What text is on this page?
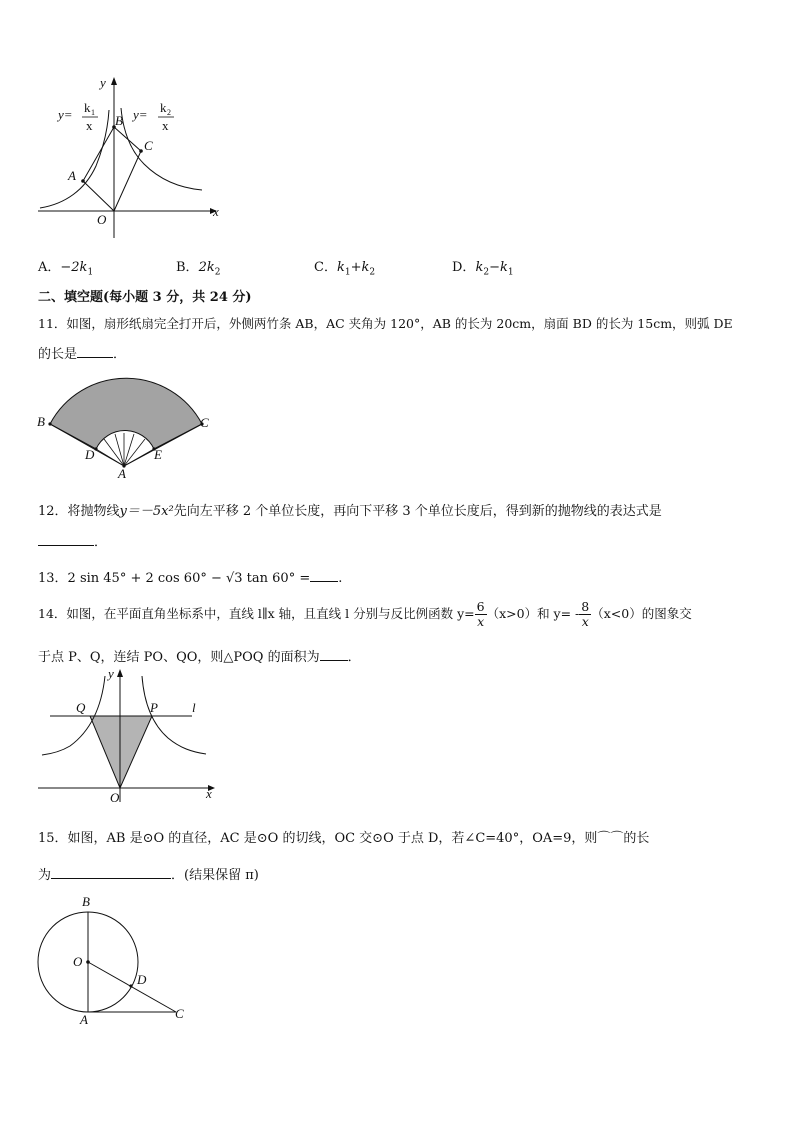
y
x
O
A
B
C
y= k 1
x
y= k 2
x
A．$-2k_1$	B．$2k_2$	C．$k_1+k_2$	D．$k_2-k_1$
二、填空题(每小题 3 分，共 24 分)
11．如图，扇形纸扇完全打开后，外侧两竹条 AB，AC 夹角为 120°，AB 的长为 20cm，扇面 BD 的长为 15cm，则弧 DE
的长是	．
B	C
D	E
A
12．将抛物线y＝－5x²先向左平移 2 个单位长度，再向下平移 3 个单位长度后，得到新的抛物线的表达式是
．
13．2 sin 45° + 2 cos 60° − √3 tan 60° = .
14．如图，在平面直角坐标系中，直线 l∥x 轴，且直线 l 分别与反比例函数 $y= \frac{6}{x} (x>0)$和 $y= - \frac{8}{x} (x<0)$的图象交
于点 P、Q，连结 PO、QO，则△POQ 的面积为 ．
y
x
O
Q	P	l
15．如图，AB 是⊙O 的直径，AC 是⊙O 的切线，OC 交⊙O 于点 D，若∠C=40°，OA=9，则⌒⌒的长
为	．(结果保留 π)
B
O
D
A	C
